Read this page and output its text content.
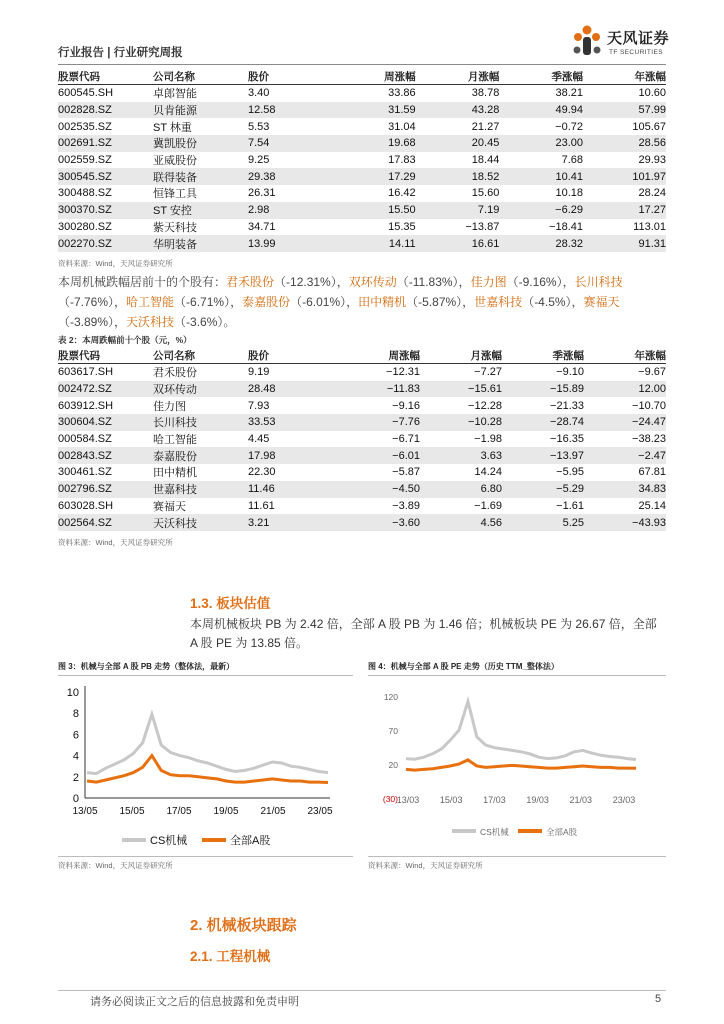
行业报告 | 行业研究周报
天风证券
TF SECURITIES
股票代码	公司名称	股价	周涨幅	月涨幅	季涨幅	年涨幅
600545.SH	卓郎智能	3.40	33.86	38.78	38.21	10.60
002828.SZ	贝肯能源	12.58	31.59	43.28	49.94	57.99
002535.SZ	ST 林重	5.53	31.04	21.27	−0.72	105.67
002691.SZ	冀凯股份	7.54	19.68	20.45	23.00	28.56
002559.SZ	亚威股份	9.25	17.83	18.44	7.68	29.93
300545.SZ	联得装备	29.38	17.29	18.52	10.41	101.97
300488.SZ	恒锋工具	26.31	16.42	15.60	10.18	28.24
300370.SZ	ST 安控	2.98	15.50	7.19	−6.29	17.27
300280.SZ	紫天科技	34.71	15.35	−13.87	−18.41	113.01
002270.SZ	华明装备	13.99	14.11	16.61	28.32	91.31
资料来源：Wind，天风证券研究所
本周机械跌幅居前十的个股有：君禾股份（-12.31%），双环传动（-11.83%），佳力图（-9.16%），长川科技（-7.76%），哈工智能（-6.71%），泰嘉股份（-6.01%），田中精机（-5.87%），世嘉科技（-4.5%），赛福天（-3.89%），天沃科技（-3.6%）。
表 2：本周跌幅前十个股（元，%）
股票代码	公司名称	股价	周涨幅	月涨幅	季涨幅	年涨幅
603617.SH	君禾股份	9.19	−12.31	−7.27	−9.10	−9.67
002472.SZ	双环传动	28.48	−11.83	−15.61	−15.89	12.00
603912.SH	佳力图	7.93	−9.16	−12.28	−21.33	−10.70
300604.SZ	长川科技	33.53	−7.76	−10.28	−28.74	−24.47
000584.SZ	哈工智能	4.45	−6.71	−1.98	−16.35	−38.23
002843.SZ	泰嘉股份	17.98	−6.01	3.63	−13.97	−2.47
300461.SZ	田中精机	22.30	−5.87	14.24	−5.95	67.81
002796.SZ	世嘉科技	11.46	−4.50	6.80	−5.29	34.83
603028.SH	赛福天	11.61	−3.89	−1.69	−1.61	25.14
002564.SZ	天沃科技	3.21	−3.60	4.56	5.25	−43.93
资料来源：Wind，天风证券研究所
1.3. 板块估值
本周机械板块 PB 为 2.42 倍，全部 A 股 PB 为 1.46 倍；机械板块 PE 为 26.67 倍，全部 A 股 PE 为 13.85 倍。
图 3：机械与全部 A 股 PB 走势（整体法，最新）	图 4：机械与全部 A 股 PE 走势（历史 TTM_整体法）
0
2
4
6
8
10
13/05 15/05 17/05 19/05 21/05 23/05
CS机械	全部A股
(30)
20
70
120
13/03 15/03 17/03 19/03 21/03 23/03
CS机械	全部A股
资料来源：Wind，天风证券研究所	资料来源：Wind，天风证券研究所
2. 机械板块跟踪
2.1. 工程机械
请务必阅读正文之后的信息披露和免责申明	5
